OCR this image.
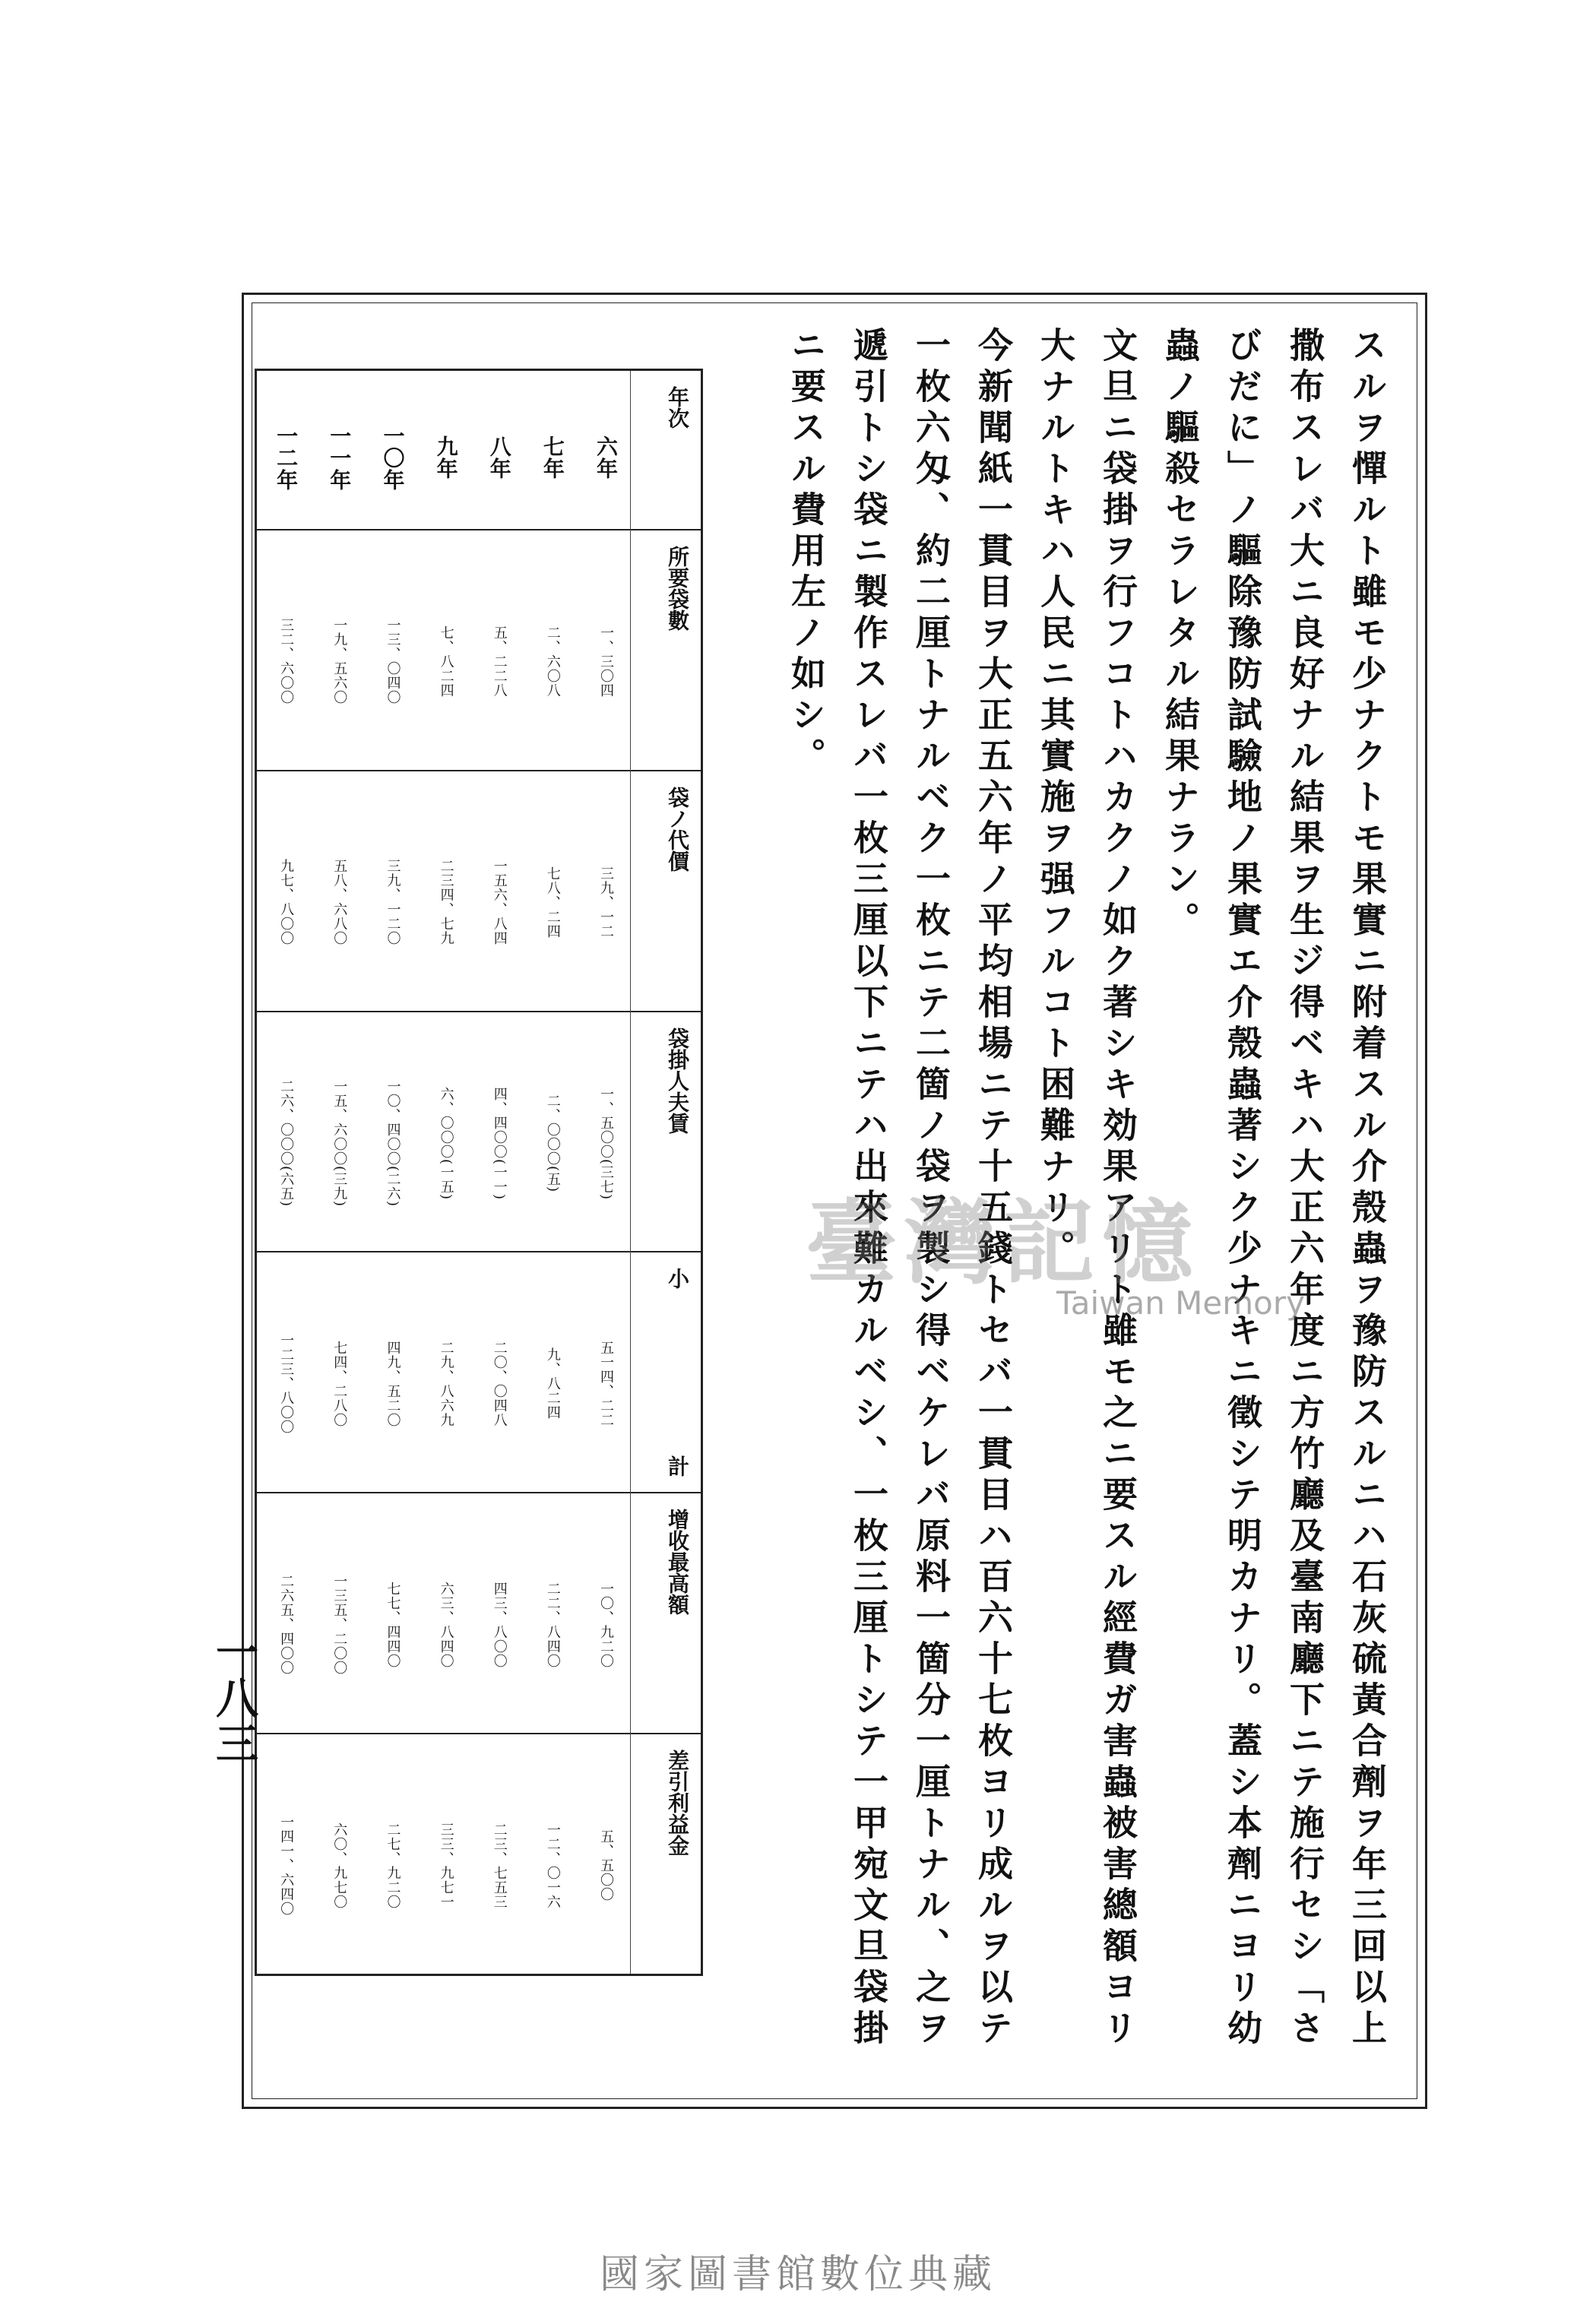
スルヲ憚ルト雖モ少ナクトモ果實ニ附着スル介殼蟲ヲ豫防スルニハ石灰硫黃合劑ヲ年三回以上撒布スレバ大ニ良好ナル結果ヲ生ジ得ベキハ大正六年度ニ方竹廳及臺南廳下ニテ施行セシ「さびだに」ノ驅除豫防試驗地ノ果實エ介殼蟲著シク少ナキニ徵シテ明カナリ。蓋シ本劑ニヨリ幼蟲ノ驅殺セラレタル結果ナラン。

文旦ニ袋掛ヲ行フコトハカクノ如ク著シキ効果アリト雖モ之ニ要スル經費ガ害蟲被害總額ヨリ大ナルトキハ人民ニ其實施ヲ强フルコト困難ナリ。

今新聞紙一貫目ヲ大正五六年ノ平均相場ニテ十五錢トセバ一貫目ハ百六十七枚ヨリ成ルヲ以テ一枚六匁、約二厘トナルベク一枚ニテ二箇ノ袋ヲ製シ得ベケレバ原料一箇分一厘トナル、之ヲ遞引トシ袋ニ製作スレバ一枚三厘以下ニテハ出來難カルベシ、一枚三厘トシテ一甲宛文旦袋掛ニ要スル費用左ノ如シ。

年次
所要袋數
袋ノ代價
袋掛人夫賃
小
計
增收最高額
差引利益金
六年
一、三〇四
三九、一二
一、五〇〇(三七)
五一四、二二
一〇、九二〇
五、五〇〇
七年
二、六〇八
七八、二四
二、〇〇〇(五)
九、八二四
二二、八四〇
一二、〇一六
八年
五、二二八
一五六、八四
四、四〇〇(一一)
二〇、〇四八
四三、八〇〇
二三、七五三
九年
七、八二四
二三四、七九
六、〇〇〇(一五)
二九、八六九
六三、八四〇
三三、九七一
一〇年
一三、〇四〇
三九、一二〇
一〇、四〇〇(二六)
四九、五二〇
七七、四四〇
二七、九二〇
一一年
一九、五六〇
五八、六八〇
一五、六〇〇(三九)
七四、二八〇
一三五、二〇〇
六〇、九七〇
一二年
三二、六〇〇
九七、八〇〇
二六、〇〇〇(六五)
一二三、八〇〇
二六五、四〇〇
一四一、六四〇
一八三
臺灣記憶
Taiwan Memory
國家圖書館數位典藏
